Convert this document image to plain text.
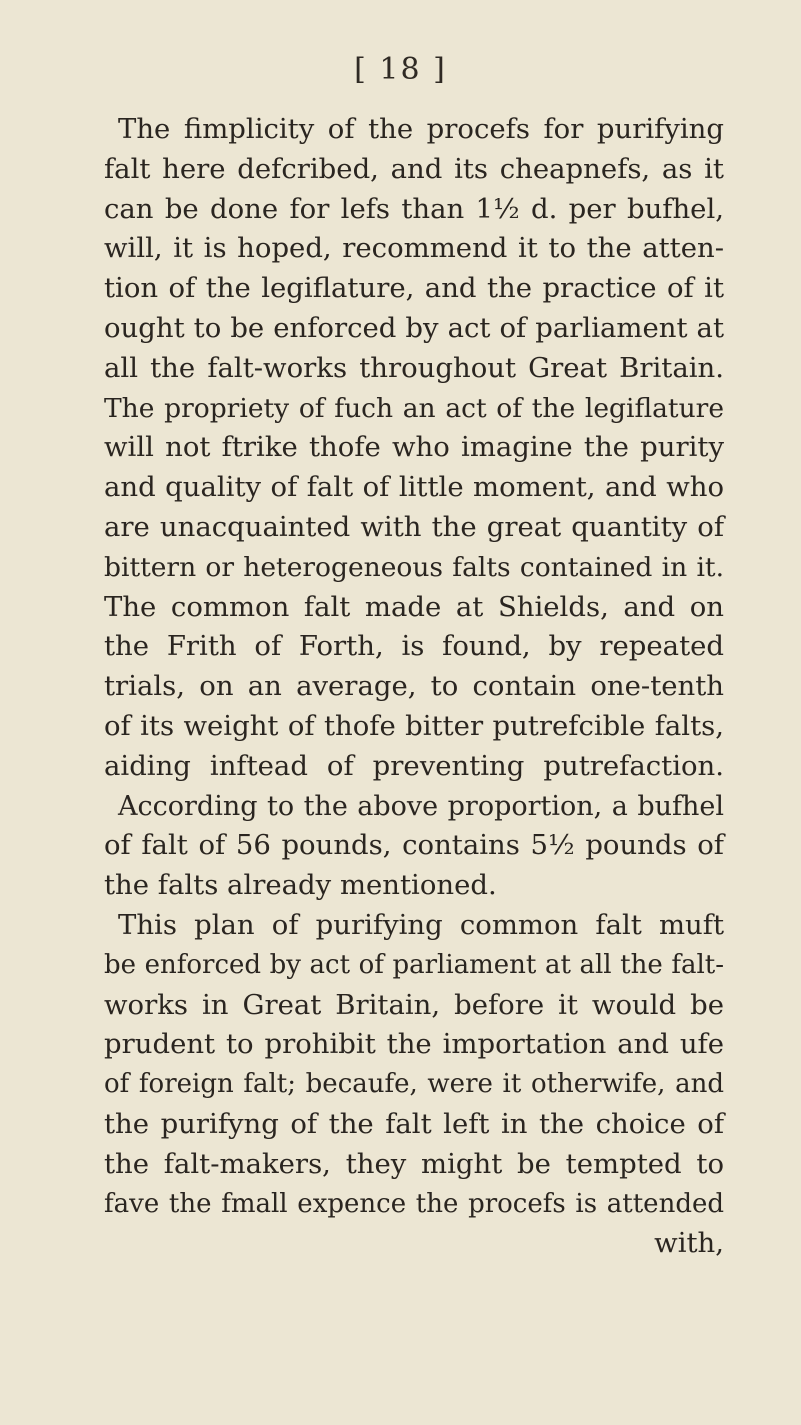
[ 18 ]
The fimplicity of the procefs for purifying
falt here defcribed, and its cheapnefs, as it
can be done for lefs than 1½ d. per bufhel,
will, it is hoped, recommend it to the atten-
tion of the legiflature, and the practice of it
ought to be enforced by act of parliament at
all the falt-works throughout Great Britain.
The propriety of fuch an act of the legiflature
will not ftrike thofe who imagine the purity
and quality of falt of little moment, and who
are unacquainted with the great quantity of
bittern or heterogeneous falts contained in it.
The common falt made at Shields, and on
the Frith of Forth, is found, by repeated
trials, on an average, to contain one-tenth
of its weight of thofe bitter putrefcible falts,
aiding inftead of preventing putrefaction.
According to the above proportion, a bufhel
of falt of 56 pounds, contains 5½ pounds of
the falts already mentioned.
This plan of purifying common falt muft
be enforced by act of parliament at all the falt-
works in Great Britain, before it would be
prudent to prohibit the importation and ufe
of foreign falt; becaufe, were it otherwife, and
the purifyng of the falt left in the choice of
the falt-makers, they might be tempted to
fave the fmall expence the procefs is attended
with,
